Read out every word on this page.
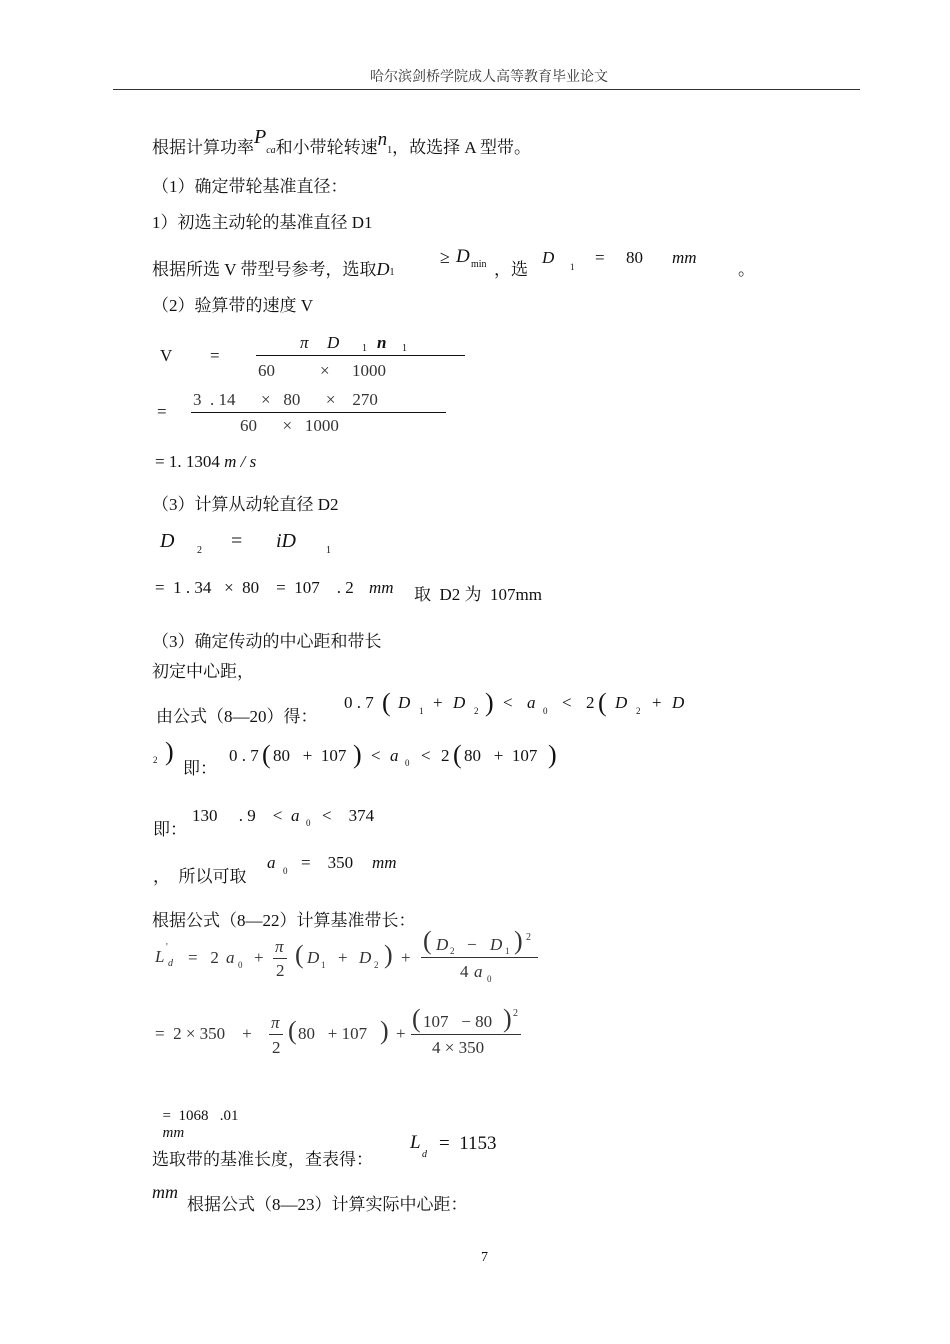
哈尔滨剑桥学院成人高等教育毕业论文
根据计算功率Pca和小带轮转速n1，故选择 A 型带。
（1）确定带轮基准直径：
1）初选主动轮的基准直径 D1
根据所选 V 带型号参考，选取D1
≥ D min ，选
D 1 = 80 mm
。
（2）验算带的速度 V
V =
π D 1 n 1
60	× 1000
=
3  . 14      ×   80      ×    270
60      ×   1000
= 1. 1304 m / s
（3）计算从动轮直径 D2
D 2 = iD	1
=  1 . 34   ×  80    =  107    . 2 mm 取  D2 为  107mm
（3）确定传动的中心距和带长
初定中心距，
由公式（8—20）得：
0 . 7 ( D 1 + D 2 ) < a 0 < 2 ( D 2 + D
2 )
即：
0 . 7 ( 80   +  107 ) < a 0 < 2 ( 80   +  107 )
即：
130     . 9    < a 0 <    374
，  所以可取
a 0 =    350 mm
根据公式（8—22）计算基准带长：
L '
d =   2 a 0 +
π
2
( D 1 + D 2 ) +
( D 2 − D 1 ) 2
4 a 0
=  2 × 350    +
π
2
( 80   + 107 ) +
( 107   − 80 ) 2
4 × 350

=  1068   .01
mm

选取带的基准长度，查表得：
L
d
=  1153
mm
根据公式（8—23）计算实际中心距：
7
